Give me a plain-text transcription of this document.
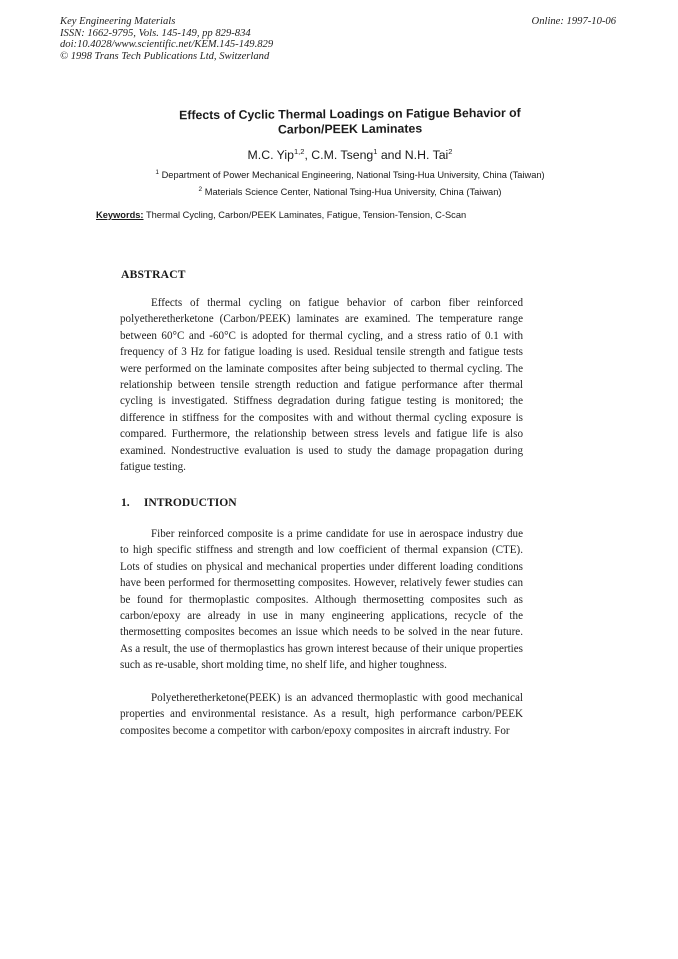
Key Engineering Materials
ISSN: 1662-9795, Vols. 145-149, pp 829-834
doi:10.4028/www.scientific.net/KEM.145-149.829
© 1998 Trans Tech Publications Ltd, Switzerland
Online: 1997-10-06
Effects of Cyclic Thermal Loadings on Fatigue Behavior of
Carbon/PEEK Laminates
M.C. Yip$^{1,2}$, C.M. Tseng$^1$ and N.H. Tai$^2$
$^1$ Department of Power Mechanical Engineering, National Tsing-Hua University, China (Taiwan)
$^2$ Materials Science Center, National Tsing-Hua University, China (Taiwan)
Keywords: Thermal Cycling, Carbon/PEEK Laminates, Fatigue, Tension-Tension, C-Scan
ABSTRACT
Effects of thermal cycling on fatigue behavior of carbon fiber reinforced polyetheretherketone (Carbon/PEEK) laminates are examined. The temperature range between 60°C and -60°C is adopted for thermal cycling, and a stress ratio of 0.1 with frequency of 3 Hz for fatigue loading is used. Residual tensile strength and fatigue tests were performed on the laminate composites after being subjected to thermal cycling. The relationship between tensile strength reduction and fatigue performance after thermal cycling is investigated. Stiffness degradation during fatigue testing is monitored; the difference in stiffness for the composites with and without thermal cycling exposure is compared. Furthermore, the relationship between stress levels and fatigue life is also examined. Nondestructive evaluation is used to study the damage propagation during fatigue testing.
1. INTRODUCTION
Fiber reinforced composite is a prime candidate for use in aerospace industry due to high specific stiffness and strength and low coefficient of thermal expansion (CTE). Lots of studies on physical and mechanical properties under different loading conditions have been performed for thermosetting composites. However, relatively fewer studies can be found for thermoplastic composites. Although thermosetting composites such as carbon/epoxy are already in use in many engineering applications, recycle of the thermosetting composites becomes an issue which needs to be solved in the near future. As a result, the use of thermoplastics has grown interest because of their unique properties such as re-usable, short molding time, no shelf life, and higher toughness.
Polyetheretherketone(PEEK) is an advanced thermoplastic with good mechanical properties and environmental resistance. As a result, high performance carbon/PEEK composites become a competitor with carbon/epoxy composites in aircraft industry. For
